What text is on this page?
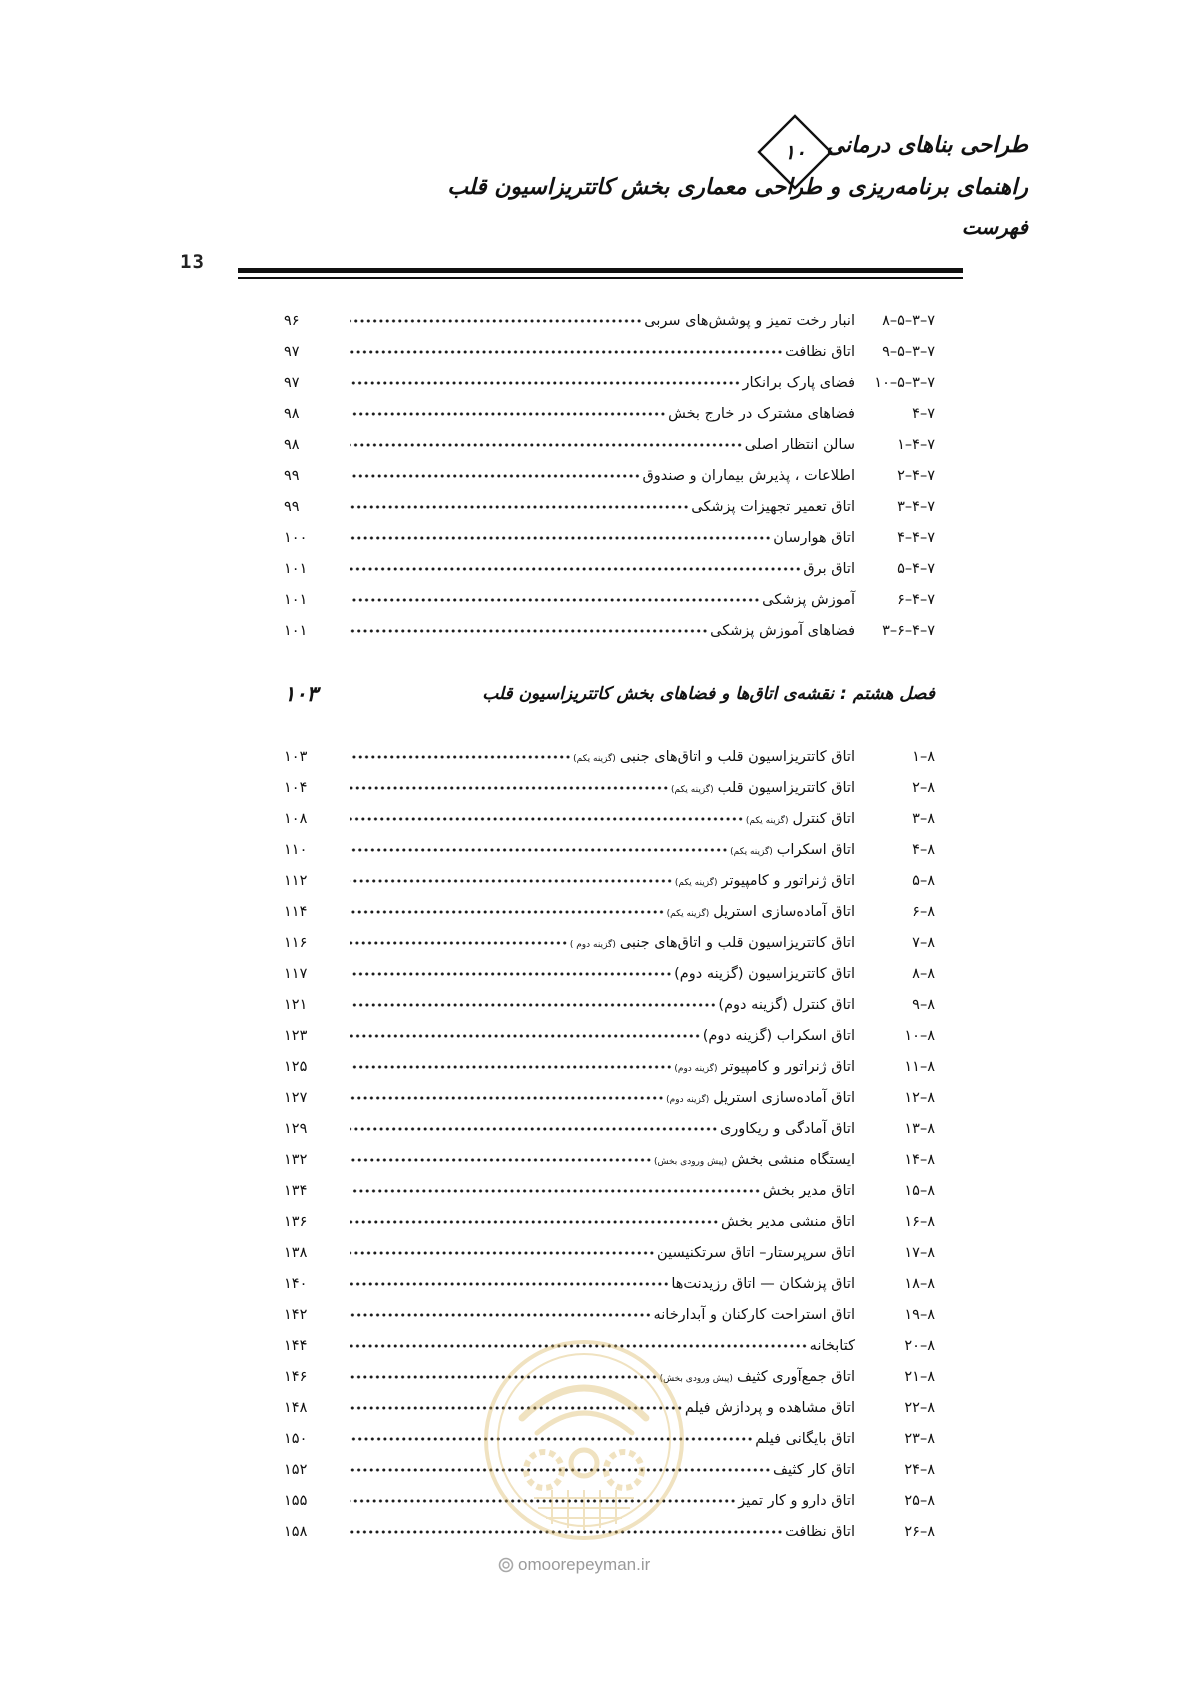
طراحی بناهای درمانی
۱۰
راهنمای برنامه‌ریزی و طراحی معماری بخش کاتتریزاسیون قلب
فهرست
13
۷–۳–۵–۸
انبار رخت تمیز و پوشش‌های سربی
۹۶
۷–۳–۵–۹
اتاق نظافت
۹۷
۷–۳–۵–۱۰
فضای پارک برانکار
۹۷
۷–۴
فضاهای مشترک در خارج بخش
۹۸
۷–۴–۱
سالن انتظار اصلی
۹۸
۷–۴–۲
اطلاعات ، پذیرش بیماران و صندوق
۹۹
۷–۴–۳
اتاق تعمیر تجهیزات پزشکی
۹۹
۷–۴–۴
اتاق هوارسان
۱۰۰
۷–۴–۵
اتاق برق
۱۰۱
۷–۴–۶
آموزش پزشکی
۱۰۱
۷–۴–۶–۳
فضاهای آموزش پزشکی
۱۰۱
فصل هشتم : نقشه‌ی اتاق‌ها و فضاهای بخش کاتتریزاسیون قلب
۱۰۳
۸–۱
اتاق کاتتریزاسیون قلب و اتاق‌های جنبی(گزینه یکم)
۱۰۳
۸–۲
اتاق کاتتریزاسیون قلب(گزینه یکم)
۱۰۴
۸–۳
اتاق کنترل(گزینه یکم)
۱۰۸
۸–۴
اتاق اسکراب(گزینه یکم)
۱۱۰
۸–۵
اتاق ژنراتور و کامپیوتر(گزینه یکم)
۱۱۲
۸–۶
اتاق آماده‌سازی استریل(گزینه یکم)
۱۱۴
۸–۷
اتاق کاتتریزاسیون قلب و اتاق‌های جنبی(گزینه دوم )
۱۱۶
۸–۸
اتاق کاتتریزاسیون (گزینه دوم)
۱۱۷
۸–۹
اتاق کنترل (گزینه دوم)
۱۲۱
۸–۱۰
اتاق اسکراب (گزینه دوم)
۱۲۳
۸–۱۱
اتاق ژنراتور و کامپیوتر(گزینه دوم)
۱۲۵
۸–۱۲
اتاق آماده‌سازی استریل(گزینه دوم)
۱۲۷
۸–۱۳
اتاق آمادگی و ریکاوری
۱۲۹
۸–۱۴
ایستگاه منشی بخش(پیش ورودی بخش)
۱۳۲
۸–۱۵
اتاق مدیر بخش
۱۳۴
۸–۱۶
اتاق منشی مدیر بخش
۱۳۶
۸–۱۷
اتاق سرپرستار– اتاق سرتکنیسین
۱۳۸
۸–۱۸
اتاق پزشکان — اتاق رزیدنت‌ها
۱۴۰
۸–۱۹
اتاق استراحت کارکنان و آبدارخانه
۱۴۲
۸–۲۰
کتابخانه
۱۴۴
۸–۲۱
اتاق جمع‌آوری کثیف(پیش ورودی بخش)
۱۴۶
۸–۲۲
اتاق مشاهده و پردازش فیلم
۱۴۸
۸–۲۳
اتاق بایگانی فیلم
۱۵۰
۸–۲۴
اتاق کار کثیف
۱۵۲
۸–۲۵
اتاق دارو و کار تمیز
۱۵۵
۸–۲۶
اتاق نظافت
۱۵۸
omoorepeyman.ir
